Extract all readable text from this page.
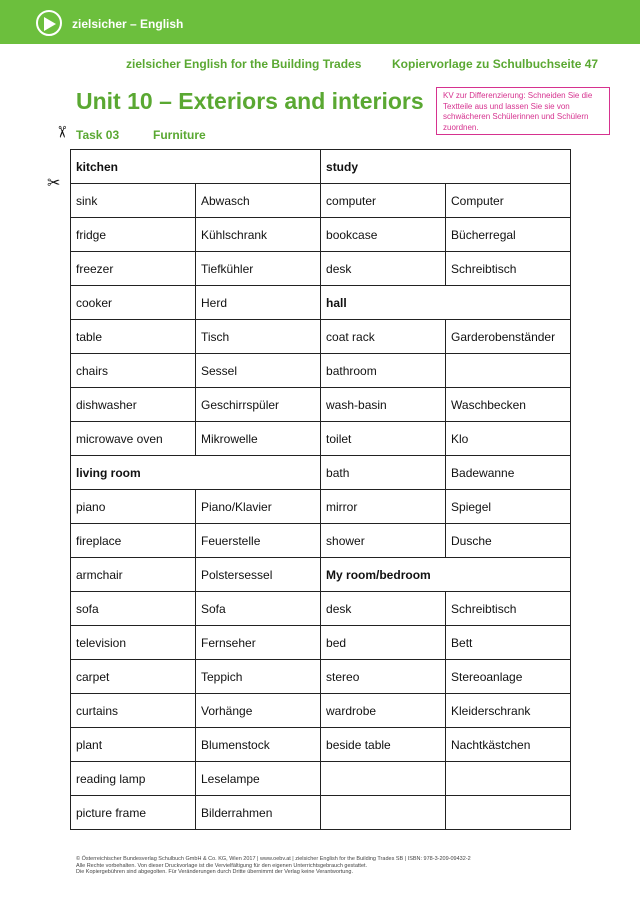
zielsicher – English
zielsicher English for the Building Trades	Kopiervorlage zu Schulbuchseite 47
Unit 10 – Exteriors and interiors	KV zur Differenzierung: Schneiden Sie die Textteile aus und lassen Sie sie von schwächeren Schülerinnen und Schülern zuordnen.
✂
✂
Task 03	Furniture
kitchen		study	
sink	Abwasch	computer	Computer
fridge	Kühlschrank	bookcase	Bücherregal
freezer	Tiefkühler	desk	Schreibtisch
cooker	Herd	hall	
table	Tisch	coat rack	Garderobenständer
chairs	Sessel	bathroom	
dishwasher	Geschirrspüler	wash-basin	Waschbecken
microwave oven	Mikrowelle	toilet	Klo
living room		bath	Badewanne
piano	Piano/Klavier	mirror	Spiegel
fireplace	Feuerstelle	shower	Dusche
armchair	Polstersessel	My room/bedroom	
sofa	Sofa	desk	Schreibtisch
television	Fernseher	bed	Bett
carpet	Teppich	stereo	Stereoanlage
curtains	Vorhänge	wardrobe	Kleiderschrank
plant	Blumenstock	beside table	Nachtkästchen
reading lamp	Leselampe		
picture frame	Bilderrahmen		
© Österreichischer Bundesverlag Schulbuch GmbH & Co. KG, Wien 2017 | www.oebv.at | zielsicher English for the Building Trades SB | ISBN: 978-3-209-09432-2
Alle Rechte vorbehalten. Von dieser Druckvorlage ist die Vervielfältigung für den eigenen Unterrichtsgebrauch gestattet.
Die Kopiergebühren sind abgegolten. Für Veränderungen durch Dritte übernimmt der Verlag keine Verantwortung.
